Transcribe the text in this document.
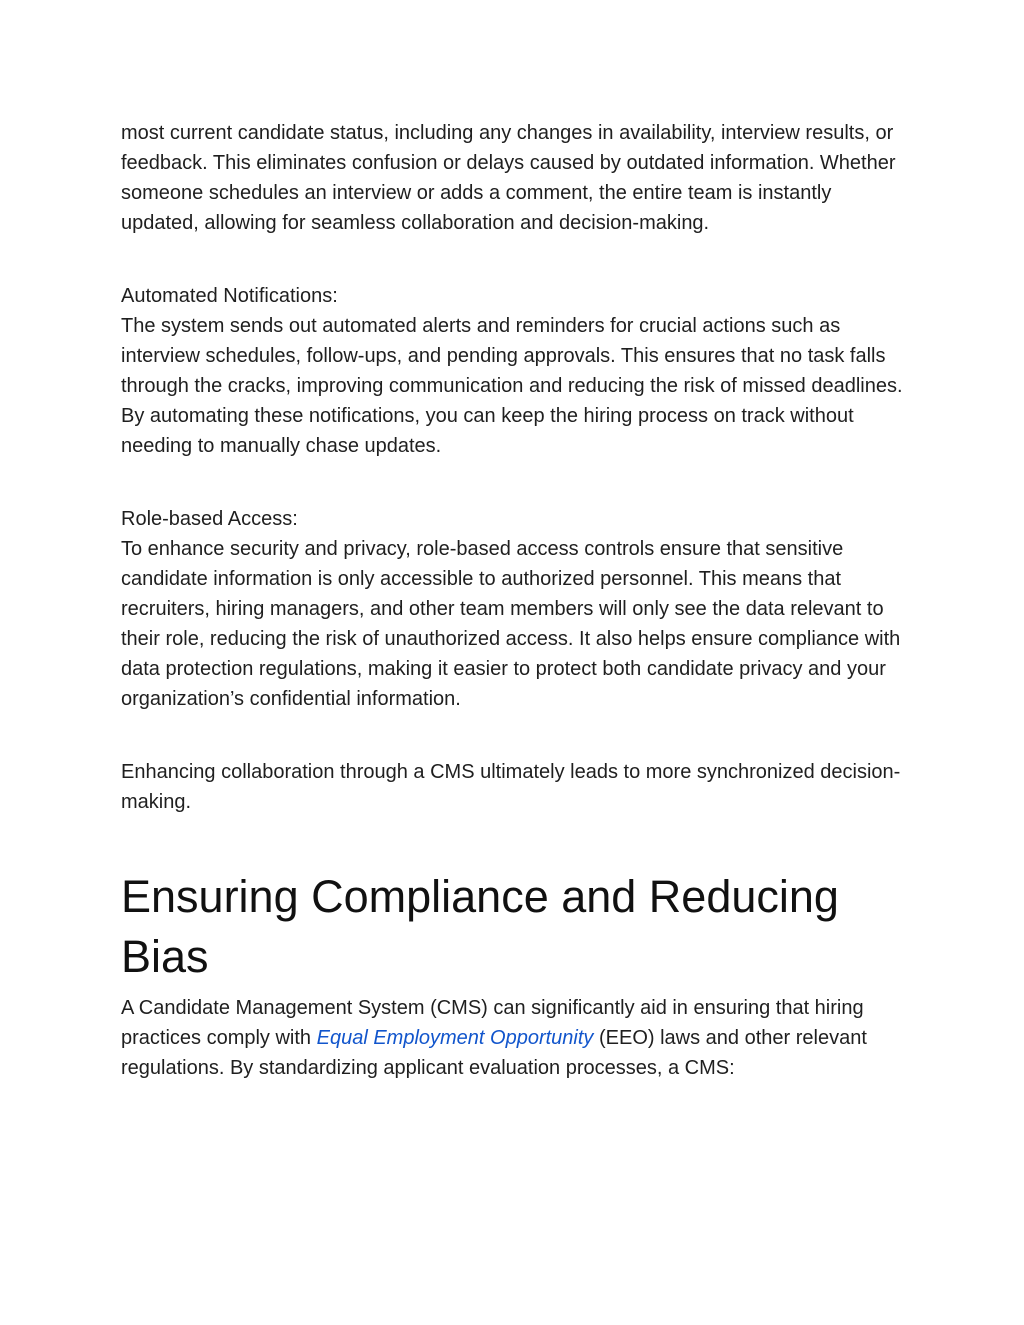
most current candidate status, including any changes in availability, interview results, or feedback. This eliminates confusion or delays caused by outdated information. Whether someone schedules an interview or adds a comment, the entire team is instantly updated, allowing for seamless collaboration and decision-making.

Automated Notifications:
The system sends out automated alerts and reminders for crucial actions such as interview schedules, follow-ups, and pending approvals. This ensures that no task falls through the cracks, improving communication and reducing the risk of missed deadlines. By automating these notifications, you can keep the hiring process on track without needing to manually chase updates.

Role-based Access:
To enhance security and privacy, role-based access controls ensure that sensitive candidate information is only accessible to authorized personnel. This means that recruiters, hiring managers, and other team members will only see the data relevant to their role, reducing the risk of unauthorized access. It also helps ensure compliance with data protection regulations, making it easier to protect both candidate privacy and your organization’s confidential information.

Enhancing collaboration through a CMS ultimately leads to more synchronized decision-making.

Ensuring Compliance and Reducing Bias

A Candidate Management System (CMS) can significantly aid in ensuring that hiring practices comply with Equal Employment Opportunity (EEO) laws and other relevant regulations. By standardizing applicant evaluation processes, a CMS:
